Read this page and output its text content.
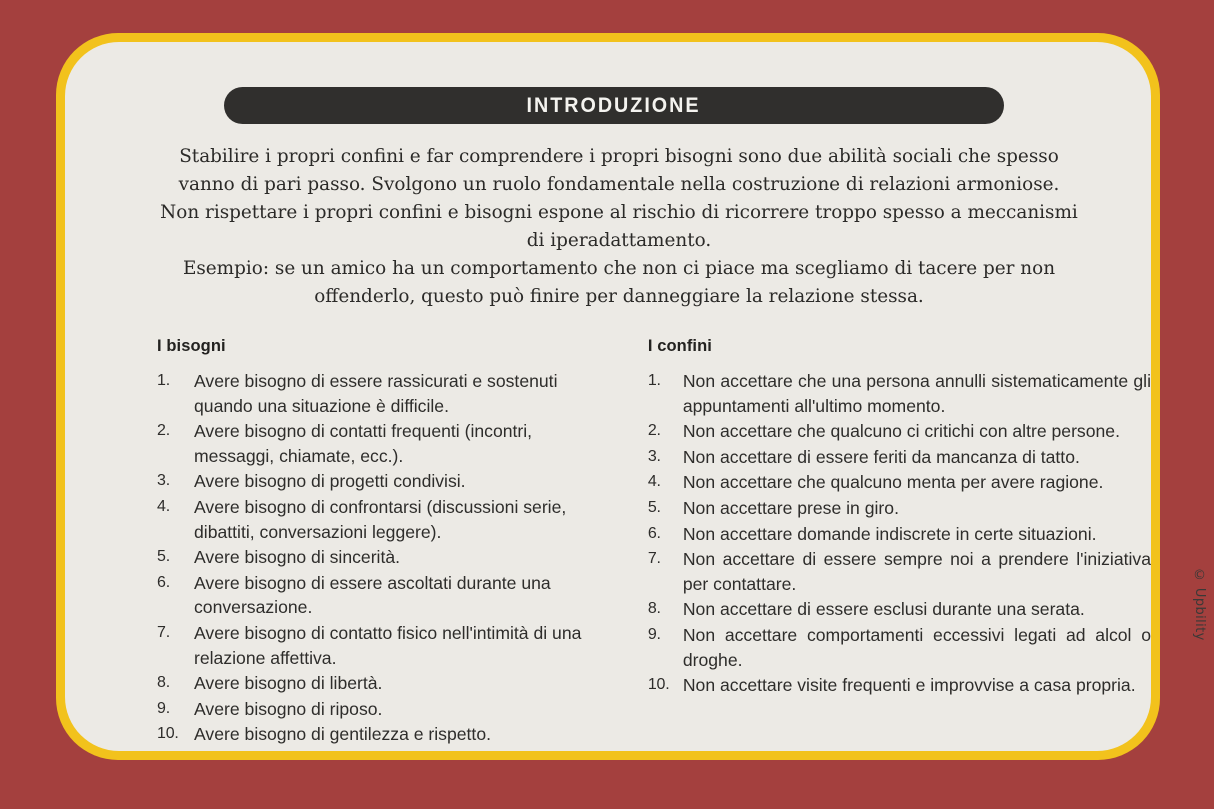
INTRODUZIONE

Stabilire i propri confini e far comprendere i propri bisogni sono due abilità sociali che spesso vanno di pari passo. Svolgono un ruolo fondamentale nella costruzione di relazioni armoniose.

Non rispettare i propri confini e bisogni espone al rischio di ricorrere troppo spesso a meccanismi di iperadattamento.

Esempio: se un amico ha un comportamento che non ci piace ma scegliamo di tacere per non offenderlo, questo può finire per danneggiare la relazione stessa.

I bisogni
1.	Avere bisogno di essere rassicurati e sostenuti quando una situazione è difficile.
2.	Avere bisogno di contatti frequenti (incontri, messaggi, chiamate, ecc.).
3.	Avere bisogno di progetti condivisi.
4.	Avere bisogno di confrontarsi (discussioni serie, dibattiti, conversazioni leggere).
5.	Avere bisogno di sincerità.
6.	Avere bisogno di essere ascoltati durante una conversazione.
7.	Avere bisogno di contatto fisico nell'intimità di una relazione affettiva.
8.	Avere bisogno di libertà.
9.	Avere bisogno di riposo.
10. Avere bisogno di gentilezza e rispetto.
I confini
1.	Non accettare che una persona annulli sistematicamente gli appuntamenti all'ultimo momento.
2.	Non accettare che qualcuno ci critichi con altre persone.
3.	Non accettare di essere feriti da mancanza di tatto.
4.	Non accettare che qualcuno menta per avere ragione.
5.	Non accettare prese in giro.
6.	Non accettare domande indiscrete in certe situazioni.
7.	Non accettare di essere sempre noi a prendere l'iniziativa per contattare.
8.	Non accettare di essere esclusi durante una serata.
9.	Non accettare comportamenti eccessivi legati ad alcol o droghe.
10. Non accettare visite frequenti e improvvise a casa propria.
© Upbility
